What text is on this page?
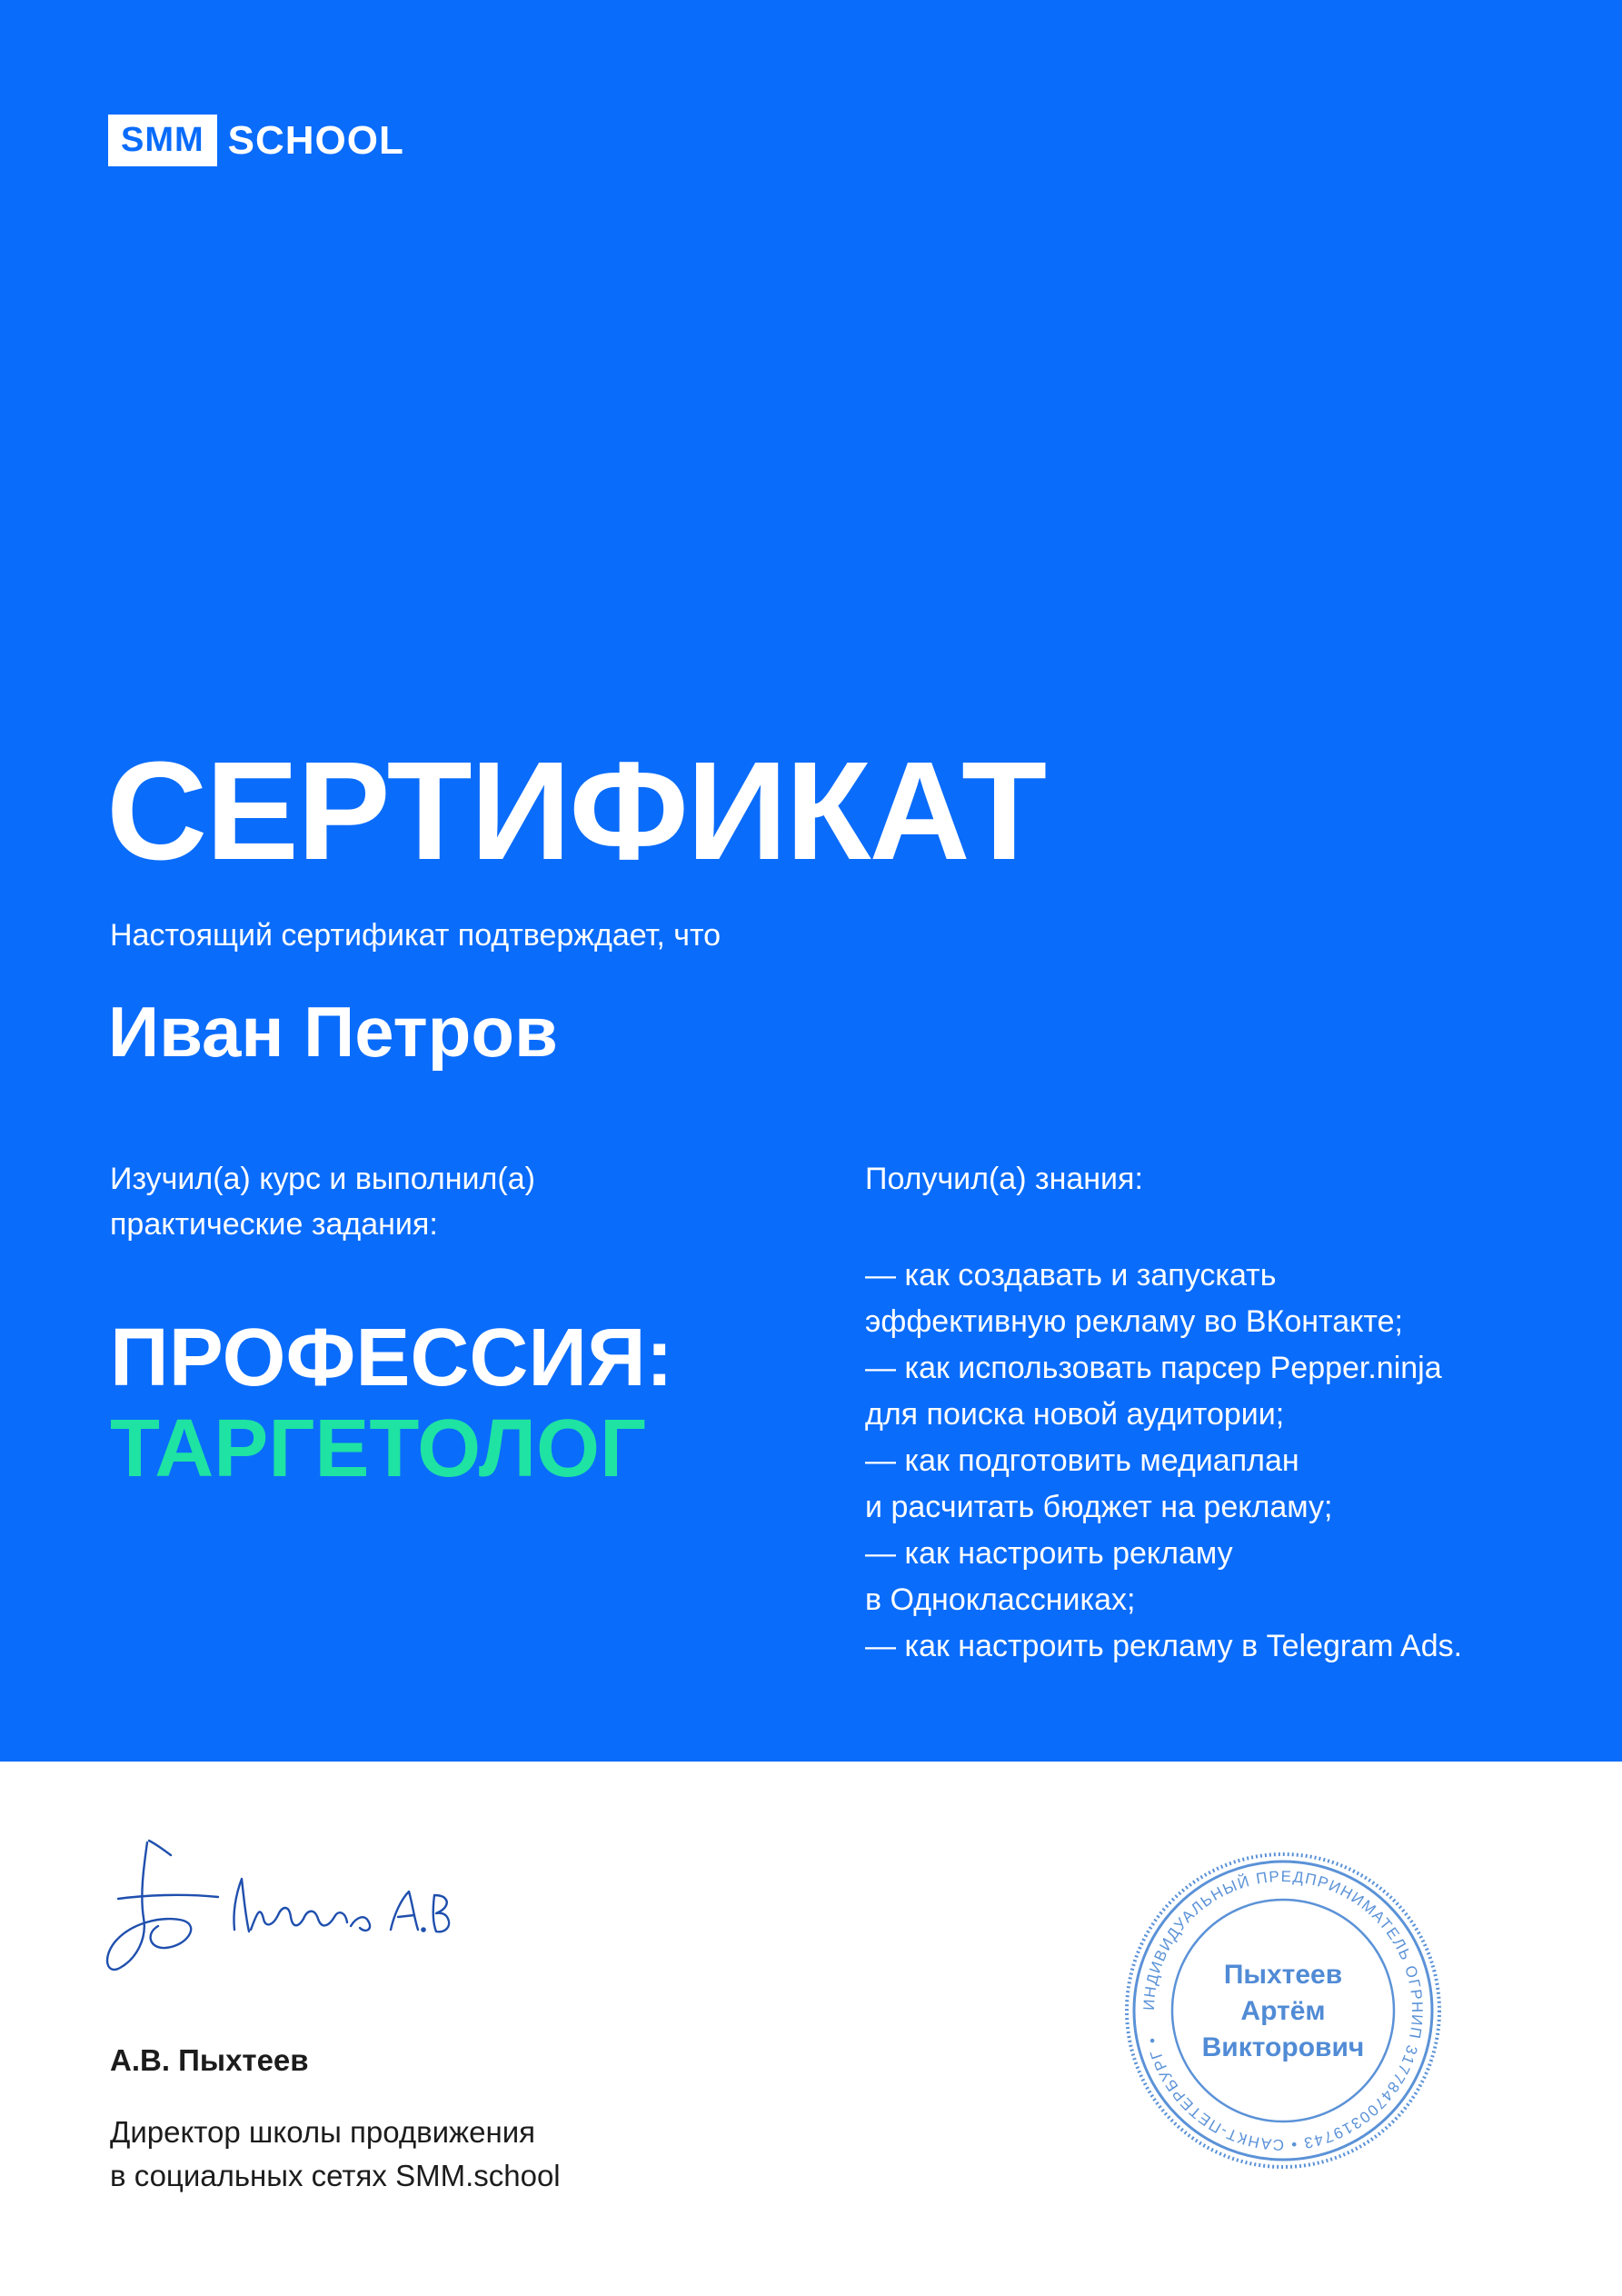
SMM SCHOOL
СЕРТИФИКАТ
Настоящий сертификат подтверждает, что
Иван Петров

Изучил(а) курс и выполнил(а)
практические задания:

ПРОФЕССИЯ:
ТАРГЕТОЛОГ

Получил(а) знания:

— как создавать и запускать
эффективную рекламу во ВКонтакте;
— как использовать парсер Pepper.ninja
для поиска новой аудитории;
— как подготовить медиаплан
и расчитать бюджет на рекламу;
— как настроить рекламу
в Одноклассниках;
— как настроить рекламу в Telegram Ads.
А.В. Пыхтеев
Директор школы продвижения
в социальных сетях SMM.school
ИНДИВИДУАЛЬНЫЙ ПРЕДПРИНИМАТЕЛЬ ОГРНИП 317784700319743 • САНКТ-ПЕТЕРБУРГ •
Пыхтеев
Артём
Викторович
